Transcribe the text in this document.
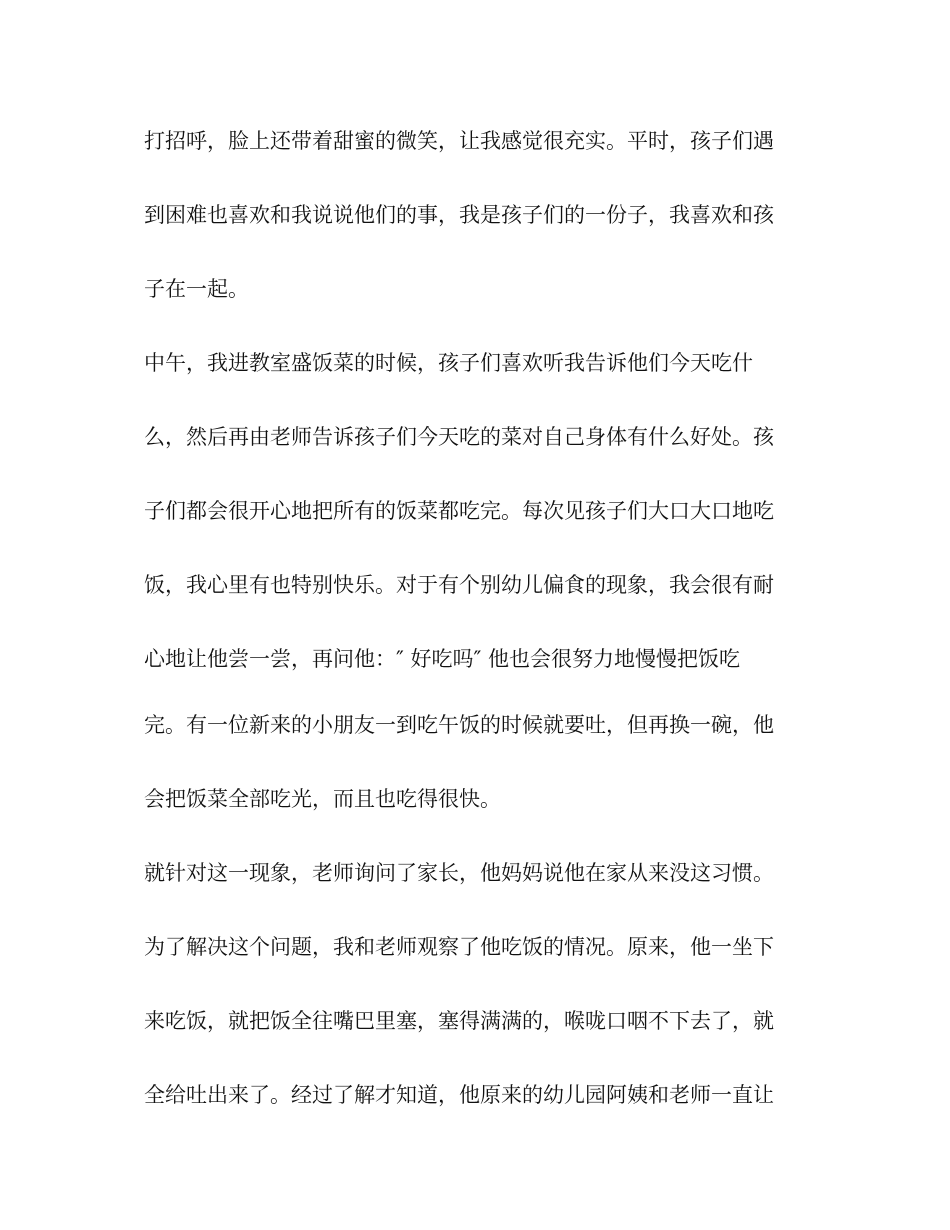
打招呼，脸上还带着甜蜜的微笑，让我感觉很充实。平时，孩子们遇
到困难也喜欢和我说说他们的事，我是孩子们的一份子，我喜欢和孩
子在一起。
中午，我进教室盛饭菜的时候，孩子们喜欢听我告诉他们今天吃什
么，然后再由老师告诉孩子们今天吃的菜对自己身体有什么好处。孩
子们都会很开心地把所有的饭菜都吃完。每次见孩子们大口大口地吃
饭，我心里有也特别快乐。对于有个别幼儿偏食的现象，我会很有耐
心地让他尝一尝，再问他：″ 好吃吗″ 他也会很努力地慢慢把饭吃
完。有一位新来的小朋友一到吃午饭的时候就要吐，但再换一碗，他
会把饭菜全部吃光，而且也吃得很快。
就针对这一现象，老师询问了家长，他妈妈说他在家从来没这习惯。
为了解决这个问题，我和老师观察了他吃饭的情况。原来，他一坐下
来吃饭，就把饭全往嘴巴里塞，塞得满满的，喉咙口咽不下去了，就
全给吐出来了。经过了解才知道，他原来的幼儿园阿姨和老师一直让
